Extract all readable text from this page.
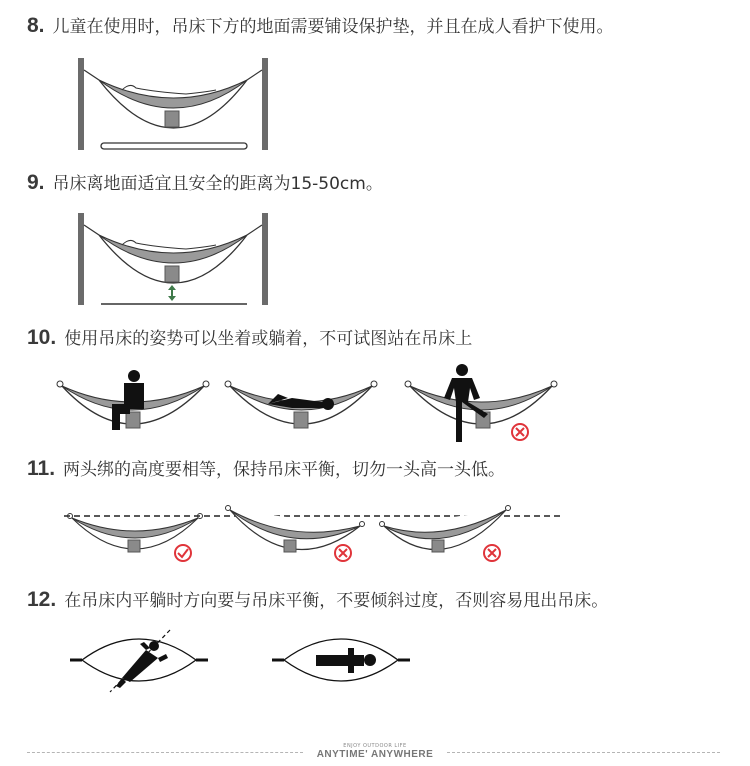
8. 儿童在使用时，吊床下方的地面需要铺设保护垫，并且在成人看护下使用。
9. 吊床离地面适宜且安全的距离为15-50cm。
10. 使用吊床的姿势可以坐着或躺着，不可试图站在吊床上
11. 两头绑的高度要相等，保持吊床平衡，切勿一头高一头低。
12. 在吊床内平躺时方向要与吊床平衡，不要倾斜过度，否则容易甩出吊床。
ENJOY OUTDOOR LIFE
ANYTIME' ANYWHERE
